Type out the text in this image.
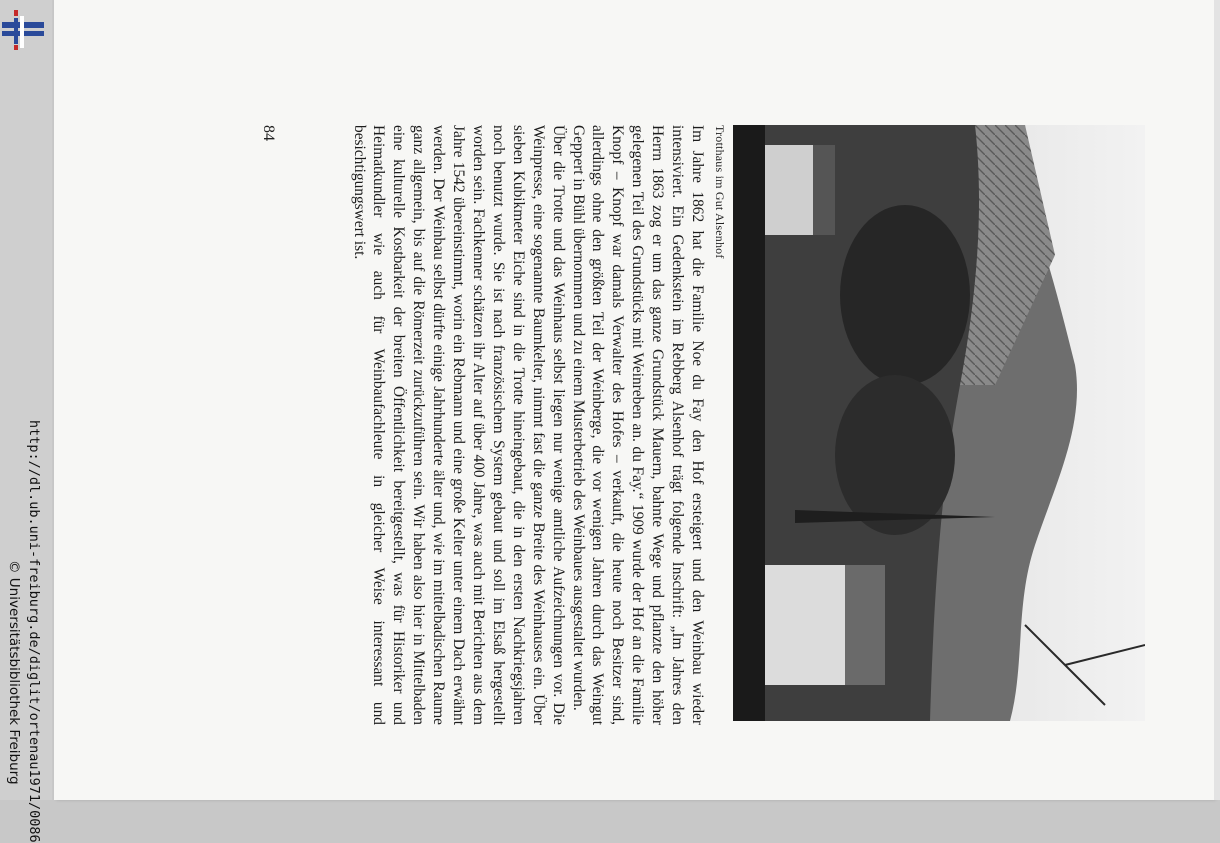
http://dl.ub.uni-freiburg.de/diglit/ortenau1971/0086
© Universitätsbibliothek Freiburg
Trotthaus im Gut Alsenhof

Im Jahre 1862 hat die Familie Noe du Fay den Hof ersteigert und den Weinbau wieder intensiviert. Ein Gedenkstein im Rebberg Alsenhof trägt folgende Inschrift: „Im Jahres den Herrn 1863 zog er um das ganze Grundstück Mauern, bahnte Wege und pflanzte den höher gelegenen Teil des Grundstücks mit Weinreben an. du Fay.“ 1909 wurde der Hof an die Familie Knopf – Knopf war damals Verwalter des Hofes – verkauft, die heute noch Besitzer sind, allerdings ohne den größten Teil der Weinberge, die vor wenigen Jahren durch das Weingut Geppert in Bühl übernommen und zu einem Musterbetrieb des Weinbaues ausgestaltet wurden.

Über die Trotte und das Weinhaus selbst liegen nur wenige amtliche Aufzeichnungen vor. Die Weinpresse, eine sogenannte Baumkelter, nimmt fast die ganze Breite des Weinhauses ein. Über sieben Kubikmeter Eiche sind in die Trotte hineingebaut, die in den ersten Nachkriegsjahren noch benutzt wurde. Sie ist nach französischem System gebaut und soll im Elsaß hergestellt worden sein. Fachkenner schätzen ihr Alter auf über 400 Jahre, was auch mit Berichten aus dem Jahre 1542 übereinstimmt, worin ein Rebmann und eine große Kelter unter einem Dach erwähnt werden. Der Weinbau selbst dürfte einige Jahrhunderte älter und, wie im mittelbadischen Raume ganz allgemein, bis auf die Römerzeit zurückzuführen sein. Wir haben also hier in Mittelbaden eine kulturelle Kostbarkeit der breiten Öffentlichkeit bereitgestellt, was für Historiker und Heimatkundler wie auch für Weinbaufachleute in gleicher Weise interessant und besichtigungswert ist.

84
